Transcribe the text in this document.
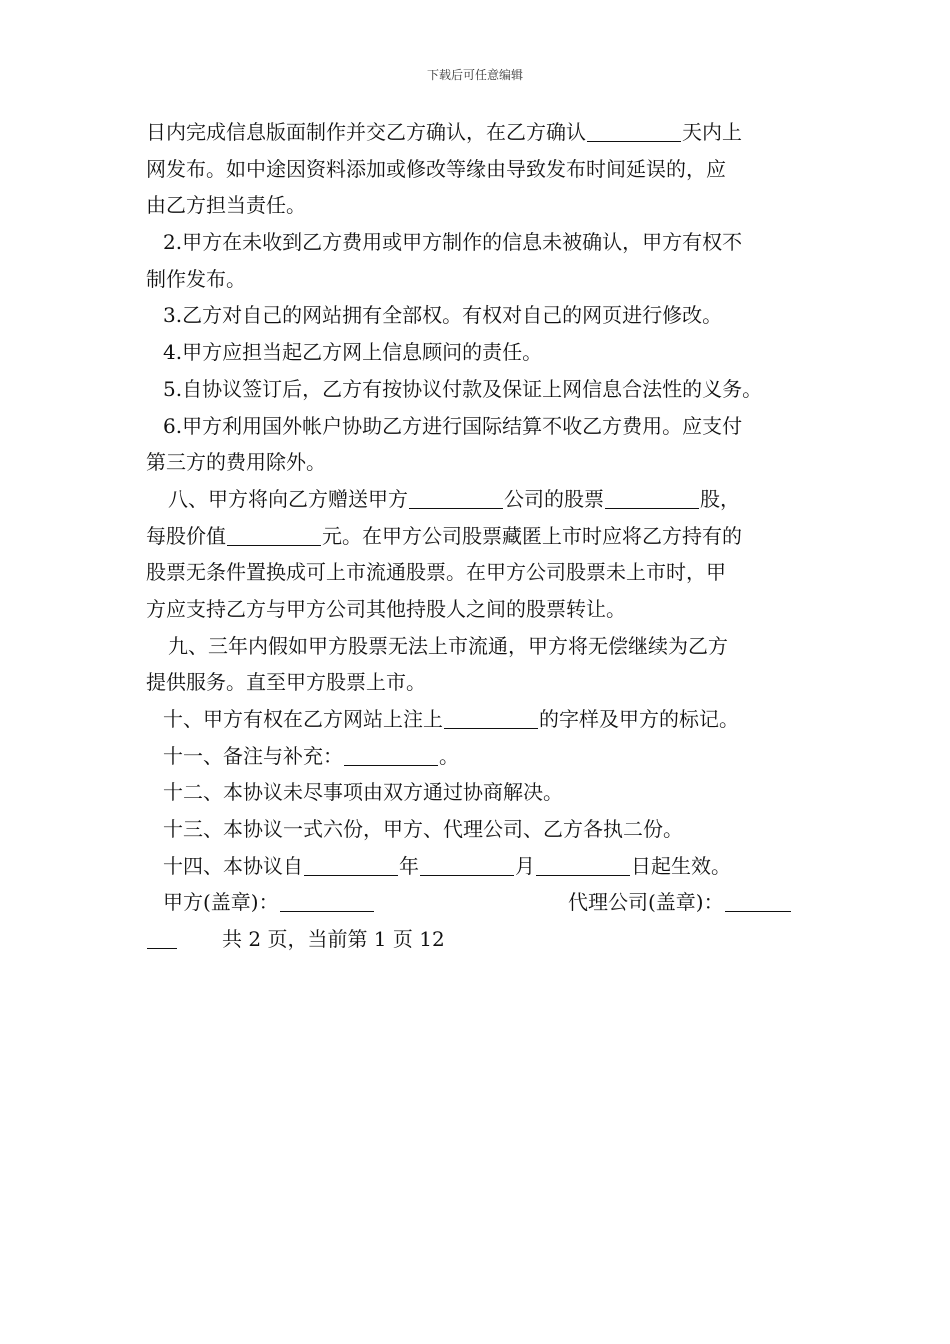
下载后可任意编辑
日内完成信息版面制作并交乙方确认，在乙方确认	天内上
网发布。如中途因资料添加或修改等缘由导致发布时间延误的，应
由乙方担当责任。
2.甲方在未收到乙方费用或甲方制作的信息未被确认，甲方有权不
制作发布。
3.乙方对自己的网站拥有全部权。有权对自己的网页进行修改。
4.甲方应担当起乙方网上信息顾问的责任。
5.自协议签订后，乙方有按协议付款及保证上网信息合法性的义务。
6.甲方利用国外帐户协助乙方进行国际结算不收乙方费用。应支付
第三方的费用除外。
八、甲方将向乙方赠送甲方	公司的股票	股，
每股价值	元。在甲方公司股票藏匿上市时应将乙方持有的
股票无条件置换成可上市流通股票。在甲方公司股票未上市时，甲
方应支持乙方与甲方公司其他持股人之间的股票转让。
九、三年内假如甲方股票无法上市流通，甲方将无偿继续为乙方
提供服务。直至甲方股票上市。
十、甲方有权在乙方网站上注上	的字样及甲方的标记。
十一、备注与补充：	。
十二、本协议未尽事项由双方通过协商解决。
十三、本协议一式六份，甲方、代理公司、乙方各执二份。
十四、本协议自	年	月	日起生效。
甲方(盖章)：	代理公司(盖章)：
共 2 页，当前第 1 页 12
